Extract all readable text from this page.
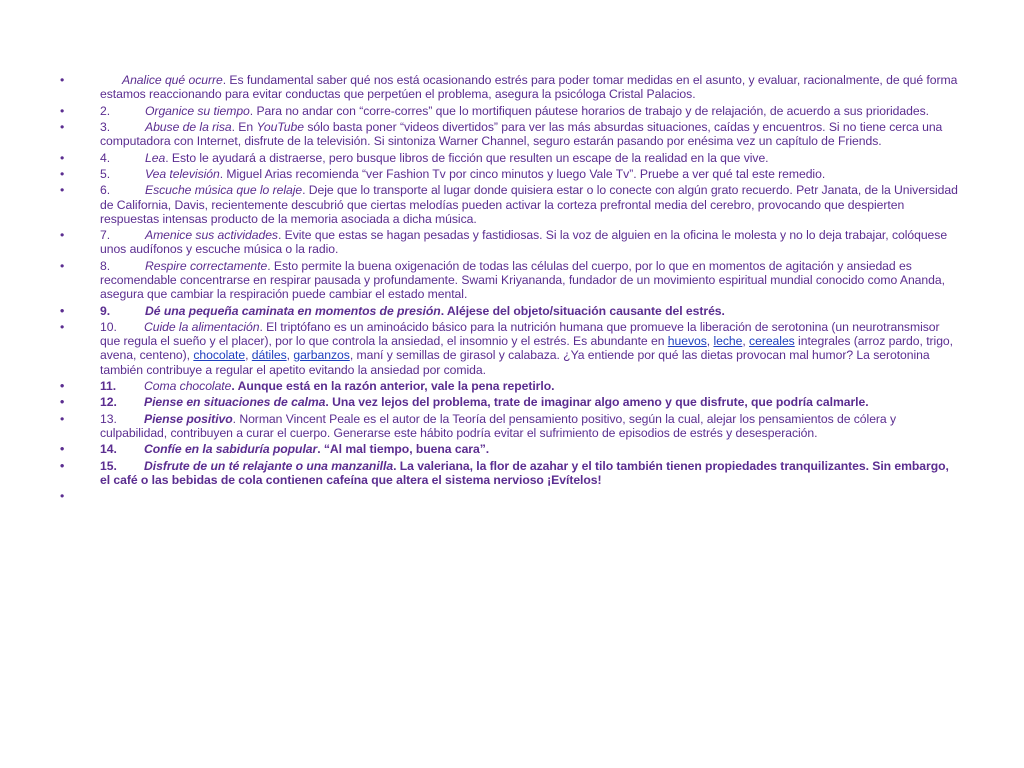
•	Analice qué ocurre. Es fundamental saber qué nos está ocasionando estrés para poder tomar medidas en el asunto, y evaluar, racionalmente, de qué forma estamos reaccionando para evitar conductas que perpetúen el problema, asegura la psicóloga Cristal Palacios.
•	2.	Organice su tiempo. Para no andar con “corre-corres” que lo mortifiquen páutese horarios de trabajo y de relajación, de acuerdo a sus prioridades.
•	3.	Abuse de la risa. En YouTube sólo basta poner “videos divertidos” para ver las más absurdas situaciones, caídas y encuentros. Si no tiene cerca una computadora con Internet, disfrute de la televisión. Si sintoniza Warner Channel, seguro estarán pasando por enésima vez un capítulo de Friends.
•	4.	Lea. Esto le ayudará a distraerse, pero busque libros de ficción que resulten un escape de la realidad en la que vive.
•	5.	Vea televisión. Miguel Arias recomienda “ver Fashion Tv por cinco minutos y luego Vale Tv”. Pruebe a ver qué tal este remedio.
•	6.	Escuche música que lo relaje. Deje que lo transporte al lugar donde quisiera estar o lo conecte con algún grato recuerdo. Petr Janata, de la Universidad de California, Davis, recientemente descubrió que ciertas melodías pueden activar la corteza prefrontal media del cerebro, provocando que despierten respuestas intensas producto de la memoria asociada a dicha música.
•	7.	Amenice sus actividades. Evite que estas se hagan pesadas y fastidiosas. Si la voz de alguien en la oficina le molesta y no lo deja trabajar, colóquese unos audífonos y escuche música o la radio.
•	8.	Respire correctamente. Esto permite la buena oxigenación de todas las células del cuerpo, por lo que en momentos de agitación y ansiedad es recomendable concentrarse en respirar pausada y profundamente. Swami Kriyananda, fundador de un movimiento espiritual mundial conocido como Ananda, asegura que cambiar la respiración puede cambiar el estado mental.
•	9.	Dé una pequeña caminata en momentos de presión. Aléjese del objeto/situación causante del estrés.
•	10. Cuide la alimentación. El triptófano es un aminoácido básico para la nutrición humana que promueve la liberación de serotonina (un neurotransmisor que regula el sueño y el placer), por lo que controla la ansiedad, el insomnio y el estrés. Es abundante en huevos, leche, cereales integrales (arroz pardo, trigo, avena, centeno), chocolate, dátiles, garbanzos, maní y semillas de girasol y calabaza. ¿Ya entiende por qué las dietas provocan mal humor? La serotonina también contribuye a regular el apetito evitando la ansiedad por comida.
•	11. Coma chocolate. Aunque está en la razón anterior, vale la pena repetirlo.
•	12. Piense en situaciones de calma. Una vez lejos del problema, trate de imaginar algo ameno y que disfrute, que podría calmarle.
•	13. Piense positivo. Norman Vincent Peale es el autor de la Teoría del pensamiento positivo, según la cual, alejar los pensamientos de cólera y culpabilidad, contribuyen a curar el cuerpo. Generarse este hábito podría evitar el sufrimiento de episodios de estrés y desesperación.
•	14. Confíe en la sabiduría popular. “Al mal tiempo, buena cara”.
•	15. Disfrute de un té relajante o una manzanilla. La valeriana, la flor de azahar y el tilo también tienen propiedades tranquilizantes. Sin embargo, el café o las bebidas de cola contienen cafeína que altera el sistema nervioso ¡Evítelos!
•
